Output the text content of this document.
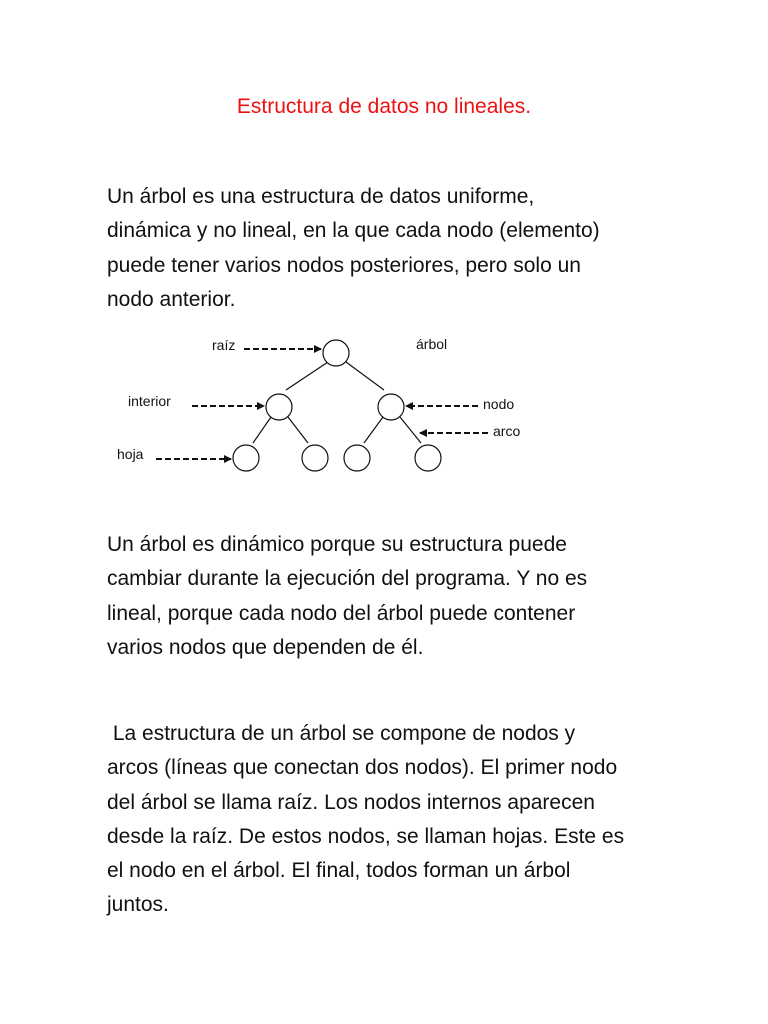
Estructura de datos no lineales.

Un árbol es una estructura de datos uniforme,
dinámica y no lineal, en la que cada nodo (elemento)
puede tener varios nodos posteriores, pero solo un
nodo anterior.

raíz	árbol
interior	nodo
arco
hoja

Un árbol es dinámico porque su estructura puede
cambiar durante la ejecución del programa. Y no es
lineal, porque cada nodo del árbol puede contener
varios nodos que dependen de él.

La estructura de un árbol se compone de nodos y
arcos (líneas que conectan dos nodos). El primer nodo
del árbol se llama raíz. Los nodos internos aparecen
desde la raíz. De estos nodos, se llaman hojas. Este es
el nodo en el árbol. El final, todos forman un árbol
juntos.
